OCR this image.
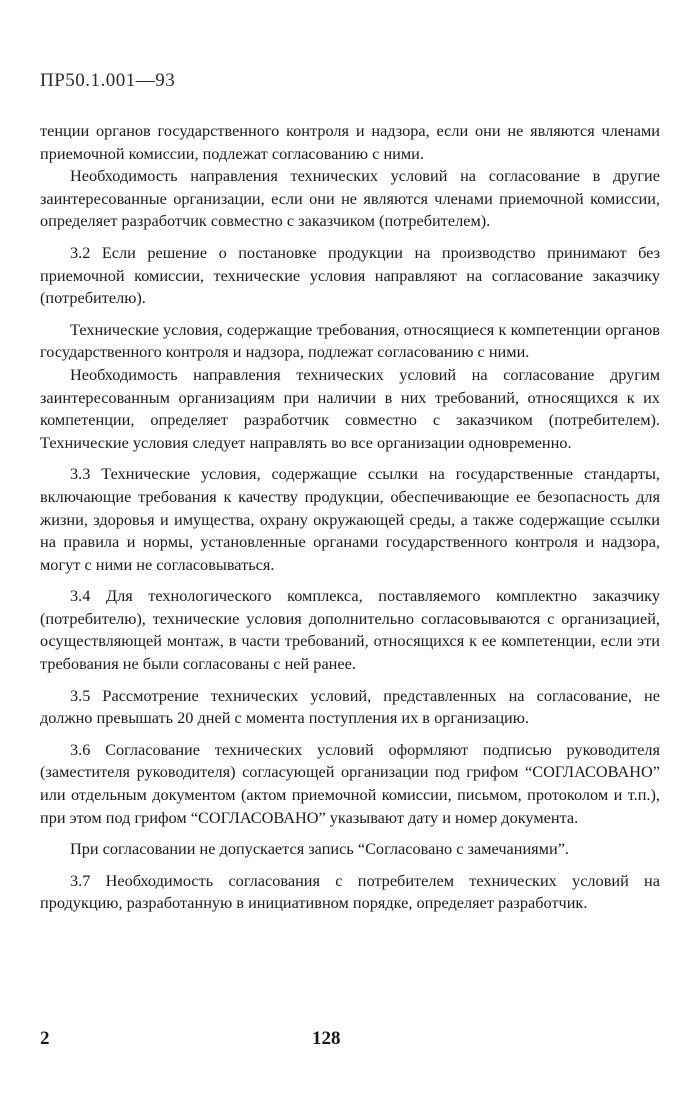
ПР50.1.001—93

тенции органов государственного контроля и надзора, если они не являются членами приемочной комиссии, подлежат согласованию с ними.

Необходимость направления технических условий на согласование в другие заинтересованные организации, если они не являются членами приемочной комиссии, определяет разработчик совместно с заказчиком (потребителем).

3.2 Если решение о постановке продукции на производство принимают без приемочной комиссии, технические условия направляют на согласование заказчику (потребителю).

Технические условия, содержащие требования, относящиеся к компетенции органов государственного контроля и надзора, подлежат согласованию с ними.

Необходимость направления технических условий на согласование другим заинтересованным организациям при наличии в них требований, относящихся к их компетенции, определяет разработчик совместно с заказчиком (потребителем). Технические условия следует направлять во все организации одновременно.

3.3 Технические условия, содержащие ссылки на государственные стандарты, включающие требования к качеству продукции, обеспечивающие ее безопасность для жизни, здоровья и имущества, охрану окружающей среды, а также содержащие ссылки на правила и нормы, установленные органами государственного контроля и надзора, могут с ними не согласовываться.

3.4 Для технологического комплекса, поставляемого комплектно заказчику (потребителю), технические условия дополнительно согласовываются с организацией, осуществляющей монтаж, в части требований, относящихся к ее компетенции, если эти требования не были согласованы с ней ранее.

3.5 Рассмотрение технических условий, представленных на согласование, не должно превышать 20 дней с момента поступления их в организацию.

3.6 Согласование технических условий оформляют подписью руководителя (заместителя руководителя) согласующей организации под грифом “СОГЛАСОВАНО” или отдельным документом (актом приемочной комиссии, письмом, протоколом и т.п.), при этом под грифом “СОГЛАСОВАНО” указывают дату и номер документа.

При согласовании не допускается запись “Согласовано с замечаниями”.

3.7 Необходимость согласования с потребителем технических условий на продукцию, разработанную в инициативном порядке, определяет разработчик.

2	128
